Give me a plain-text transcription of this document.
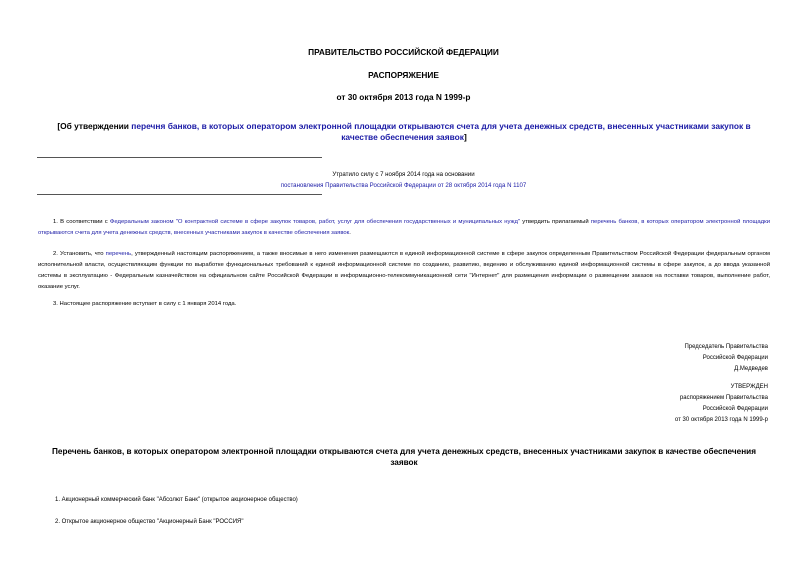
ПРАВИТЕЛЬСТВО РОССИЙСКОЙ ФЕДЕРАЦИИ
РАСПОРЯЖЕНИЕ
от 30 октября 2013 года N 1999-р
[Об утверждении перечня банков, в которых оператором электронной площадки открываются счета для учета денежных средств, внесенных участниками закупок в качестве обеспечения заявок]
Утратило силу с 7 ноября 2014 года на основании
постановления Правительства Российской Федерации от 28 октября 2014 года N 1107
1. В соответствии с Федеральным законом "О контрактной системе в сфере закупок товаров, работ, услуг для обеспечения государственных и муниципальных нужд" утвердить прилагаемый перечень банков, в которых оператором электронной площадки открываются счета для учета денежных средств, внесенных участниками закупок в качестве обеспечения заявок.
2. Установить, что перечень, утвержденный настоящим распоряжением, а также вносимые в него изменения размещаются в единой информационной системе в сфере закупок определенным Правительством Российской Федерации федеральным органом исполнительной власти, осуществляющим функции по выработке функциональных требований к единой информационной системе по созданию, развитию, ведению и обслуживанию единой информационной системы в сфере закупок, а до ввода указанной системы в эксплуатацию - Федеральным казначейством на официальном сайте Российской Федерации в информационно-телекоммуникационной сети "Интернет" для размещения информации о размещении заказов на поставки товаров, выполнение работ, оказание услуг.
3. Настоящее распоряжение вступает в силу с 1 января 2014 года.
Председатель Правительства
Российской Федерации
Д.Медведев
УТВЕРЖДЕН
распоряжением Правительства
Российской Федерации
от 30 октября 2013 года N 1999-р
Перечень банков, в которых оператором электронной площадки открываются счета для учета денежных средств, внесенных участниками закупок в качестве обеспечения заявок
1. Акционерный коммерческий банк "Абсолют Банк" (открытое акционерное общество)
2. Открытое акционерное общество "Акционерный Банк "РОССИЯ"
